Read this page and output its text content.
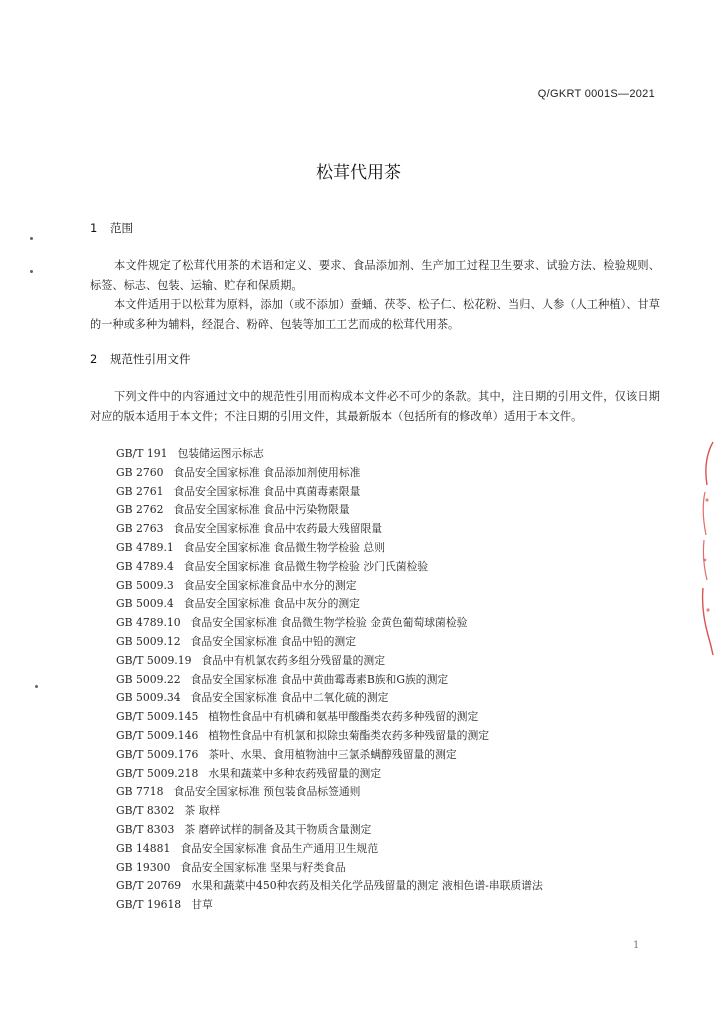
Q/GKRT 0001S—2021
松茸代用茶
1 范围

本文件规定了松茸代用茶的术语和定义、要求、食品添加剂、生产加工过程卫生要求、试验方法、检验规则、标签、标志、包装、运输、贮存和保质期。

本文件适用于以松茸为原料，添加（或不添加）蚕蛹、茯苓、松子仁、松花粉、当归、人参（人工种植）、甘草的一种或多种为辅料，经混合、粉碎、包装等加工工艺而成的松茸代用茶。

2 规范性引用文件

下列文件中的内容通过文中的规范性引用而构成本文件必不可少的条款。其中，注日期的引用文件，仅该日期对应的版本适用于本文件；不注日期的引用文件，其最新版本（包括所有的修改单）适用于本文件。

GB/T 191 包装储运图示标志
GB 2760 食品安全国家标准 食品添加剂使用标准
GB 2761 食品安全国家标准 食品中真菌毒素限量
GB 2762 食品安全国家标准 食品中污染物限量
GB 2763 食品安全国家标准 食品中农药最大残留限量
GB 4789.1 食品安全国家标准 食品微生物学检验 总则
GB 4789.4 食品安全国家标准 食品微生物学检验 沙门氏菌检验
GB 5009.3 食品安全国家标准食品中水分的测定
GB 5009.4 食品安全国家标准 食品中灰分的测定
GB 4789.10 食品安全国家标准 食品微生物学检验 金黄色葡萄球菌检验
GB 5009.12 食品安全国家标准 食品中铅的测定
GB/T 5009.19 食品中有机氯农药多组分残留量的测定
GB 5009.22 食品安全国家标准 食品中黄曲霉毒素B族和G族的测定
GB 5009.34 食品安全国家标准 食品中二氧化硫的测定
GB/T 5009.145 植物性食品中有机磷和氨基甲酸酯类农药多种残留的测定
GB/T 5009.146 植物性食品中有机氯和拟除虫菊酯类农药多种残留量的测定
GB/T 5009.176 茶叶、水果、食用植物油中三氯杀螨醇残留量的测定
GB/T 5009.218 水果和蔬菜中多种农药残留量的测定
GB 7718 食品安全国家标准 预包装食品标签通则
GB/T 8302 茶 取样
GB/T 8303 茶 磨碎试样的制备及其干物质含量测定
GB 14881 食品安全国家标准 食品生产通用卫生规范
GB 19300 食品安全国家标准 坚果与籽类食品
GB/T 20769 水果和蔬菜中450种农药及相关化学品残留量的测定 液相色谱-串联质谱法
GB/T 19618 甘草
1
